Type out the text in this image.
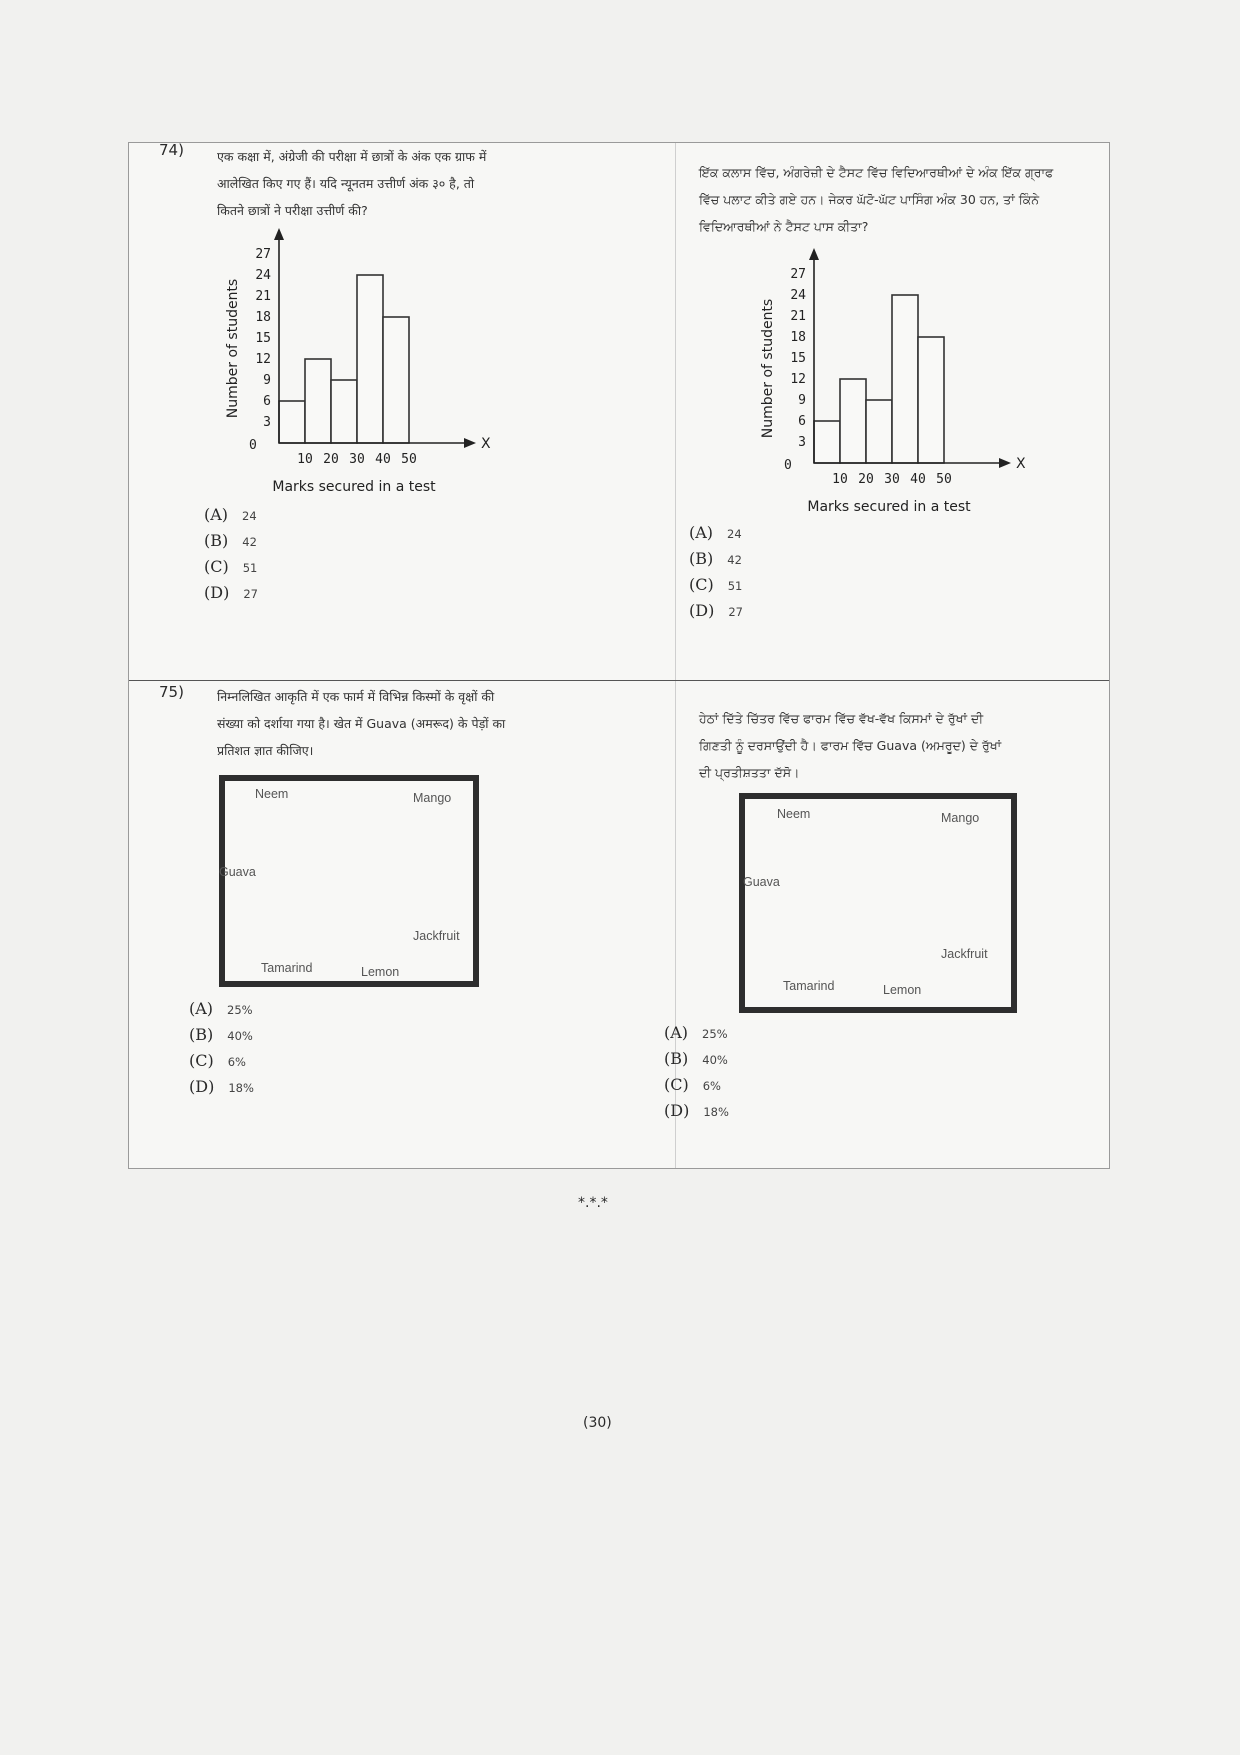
74)	एक कक्षा में, अंग्रेजी की परीक्षा में छात्रों के अंक एक ग्राफ में
आलेखित किए गए हैं। यदि न्यूनतम उत्तीर्ण अंक ३० है, तो
कितने छात्रों ने परीक्षा उत्तीर्ण की?
X
3
6
9
12
15
18
21
24
27
0
10 20 30 40 50
Marks secured in a test
Number of students
(A) 24
(B) 42
(C) 51
(D) 27
ਇੱਕ ਕਲਾਸ ਵਿੱਚ, ਅੰਗਰੇਜ਼ੀ ਦੇ ਟੈਸਟ ਵਿੱਚ ਵਿਦਿਆਰਥੀਆਂ ਦੇ ਅੰਕ ਇੱਕ ਗ੍ਰਾਫ
ਵਿੱਚ ਪਲਾਟ ਕੀਤੇ ਗਏ ਹਨ। ਜੇਕਰ ਘੱਟੋ-ਘੱਟ ਪਾਸਿੰਗ ਅੰਕ 30 ਹਨ, ਤਾਂ ਕਿੰਨੇ
ਵਿਦਿਆਰਥੀਆਂ ਨੇ ਟੈਸਟ ਪਾਸ ਕੀਤਾ?
X
3
6
9
12
15
18
21
24
27
0
10 20 30 40 50
Marks secured in a test
Number of students
(A) 24
(B) 42
(C) 51
(D) 27
75)	निम्नलिखित आकृति में एक फार्म में विभिन्न किस्मों के वृक्षों की
संख्या को दर्शाया गया है। खेत में Guava (अमरूद) के पेड़ों का
प्रतिशत ज्ञात कीजिए।
Neem	Mango
Guava
Jackfruit
Tamarind	Lemon
(A) 25%
(B) 40%
(C) 6%
(D) 18%
ਹੇਠਾਂ ਦਿੱਤੇ ਚਿੱਤਰ ਵਿੱਚ ਫਾਰਮ ਵਿੱਚ ਵੱਖ-ਵੱਖ ਕਿਸਮਾਂ ਦੇ ਰੁੱਖਾਂ ਦੀ
ਗਿਣਤੀ ਨੂੰ ਦਰਸਾਉਂਦੀ ਹੈ। ਫਾਰਮ ਵਿੱਚ Guava (ਅਮਰੂਦ) ਦੇ ਰੁੱਖਾਂ
ਦੀ ਪ੍ਰਤੀਸ਼ਤਤਾ ਦੱਸੋ।
Neem	Mango
Guava
Jackfruit
Tamarind	Lemon
(A) 25%
(B) 40%
(C) 6%
(D) 18%
*.*.*
(30)
